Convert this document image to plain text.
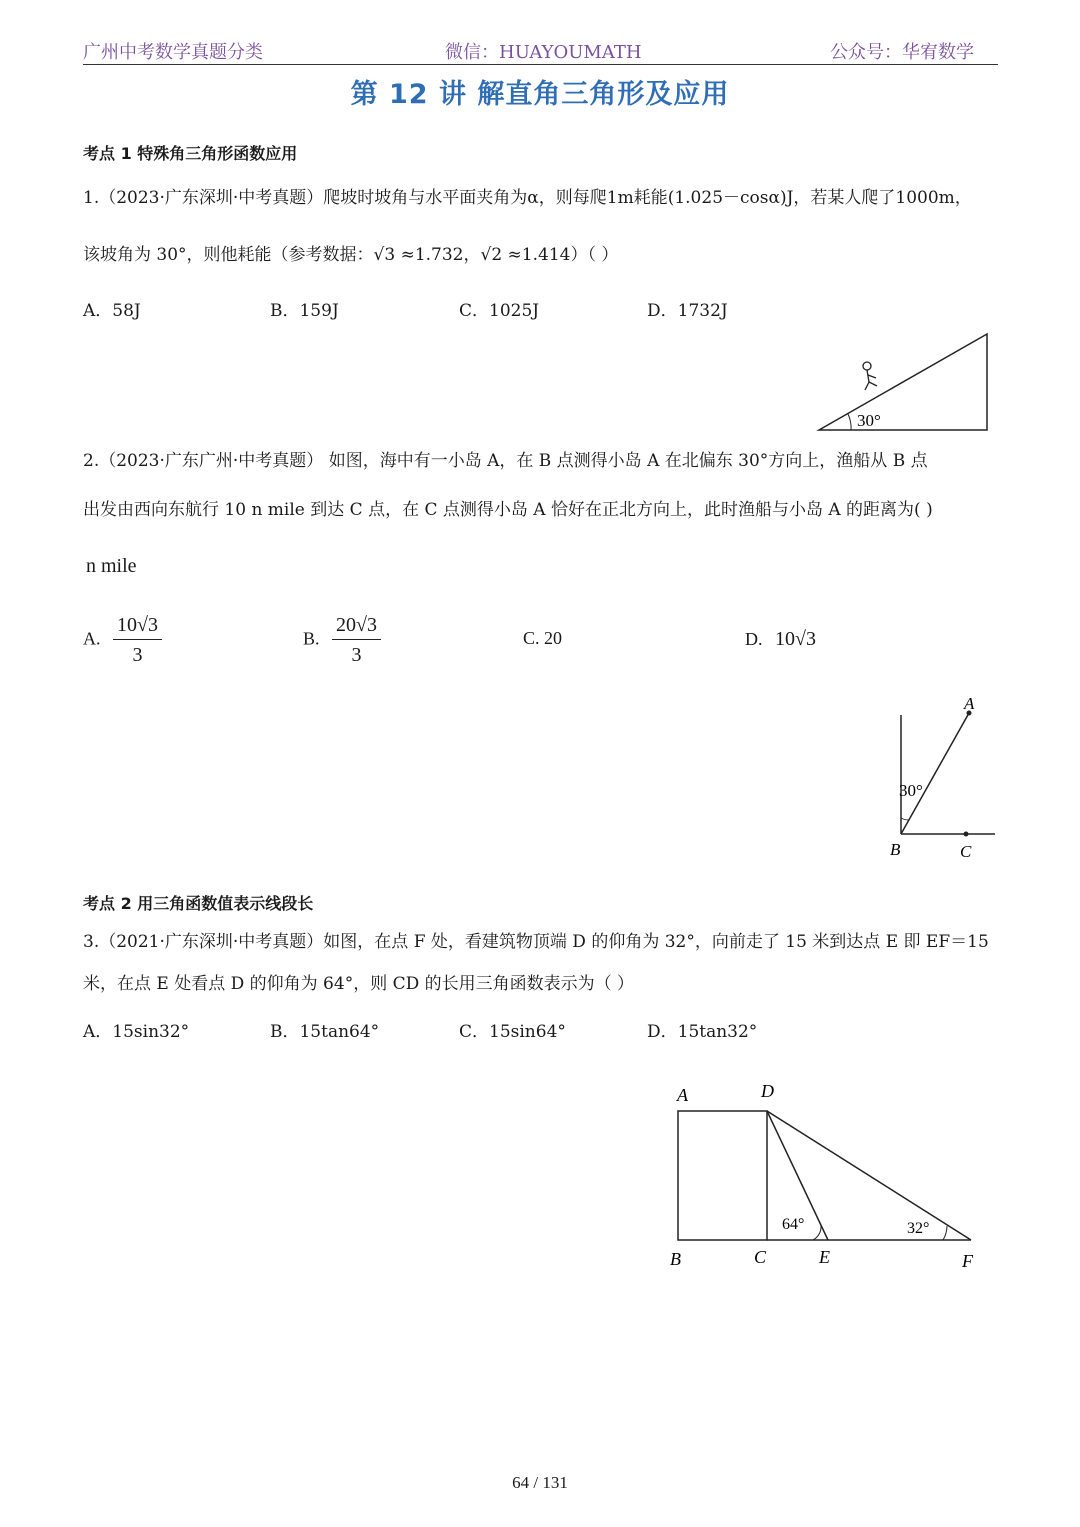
广州中考数学真题分类	微信：HUAYOUMATH	公众号：华宥数学
第 12 讲 解直角三角形及应用
考点 1 特殊角三角形函数应用
1.（2023·广东深圳·中考真题）爬坡时坡角与水平面夹角为α，则每爬1m耗能(1.025－cosα)J，若某人爬了1000m，
该坡角为 30°，则他耗能（参考数据：√3 ≈1.732，√2 ≈1.414）（ ）
A．58J	B．159J	C．1025J	D．1732J
30°
2.（2023·广东广州·中考真题） 如图，海中有一小岛 A，在 B 点测得小岛 A 在北偏东 30°方向上，渔船从 B 点
出发由西向东航行 10 n mile 到达 C 点，在 C 点测得小岛 A 恰好在正北方向上，此时渔船与小岛 A 的距离为( )
n mile
A. $\frac{10√3}{3}$	B. $\frac{20√3}{3}$	C. 20	D. 10√3
A
B	C
30°
考点 2 用三角函数值表示线段长
3.（2021·广东深圳·中考真题）如图，在点 F 处，看建筑物顶端 D 的仰角为 32°，向前走了 15 米到达点 E 即 EF＝15
米，在点 E 处看点 D 的仰角为 64°，则 CD 的长用三角函数表示为（ ）
A．15sin32°	B．15tan64°	C．15sin64°	D．15tan32°
A	D
B	C	E	F
64°	32°
64 / 131
